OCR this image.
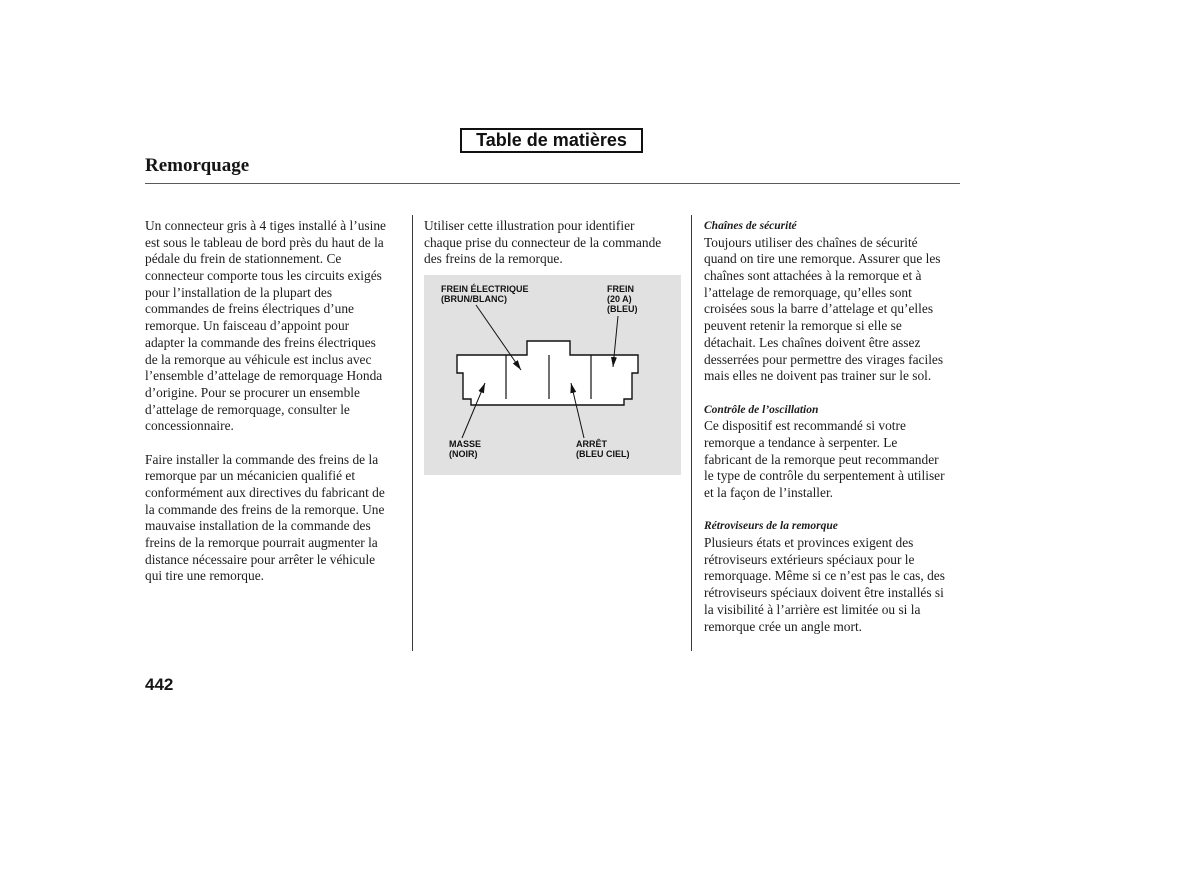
Table de matières
Remorquage
Un connecteur gris à 4 tiges installé à l’usine
est sous le tableau de bord près du haut de la
pédale du frein de stationnement. Ce
connecteur comporte tous les circuits exigés
pour l’installation de la plupart des
commandes de freins électriques d’une
remorque. Un faisceau d’appoint pour
adapter la commande des freins électriques
de la remorque au véhicule est inclus avec
l’ensemble d’attelage de remorquage Honda
d’origine. Pour se procurer un ensemble
d’attelage de remorquage, consulter le
concessionnaire.
Faire installer la commande des freins de la
remorque par un mécanicien qualifié et
conformément aux directives du fabricant de
la commande des freins de la remorque. Une
mauvaise installation de la commande des
freins de la remorque pourrait augmenter la
distance nécessaire pour arrêter le véhicule
qui tire une remorque.
Utiliser cette illustration pour identifier
chaque prise du connecteur de la commande
des freins de la remorque.
FREIN ÉLECTRIQUE
(BRUN/BLANC)
FREIN
(20 A)
(BLEU)
MASSE
(NOIR)
ARRÊT
(BLEU CIEL)
Chaînes de sécurité
Toujours utiliser des chaînes de sécurité
quand on tire une remorque. Assurer que les
chaînes sont attachées à la remorque et à
l’attelage de remorquage, qu’elles sont
croisées sous la barre d’attelage et qu’elles
peuvent retenir la remorque si elle se
détachait. Les chaînes doivent être assez
desserrées pour permettre des virages faciles
mais elles ne doivent pas trainer sur le sol.
Contrôle de l’oscillation
Ce dispositif est recommandé si votre
remorque a tendance à serpenter. Le
fabricant de la remorque peut recommander
le type de contrôle du serpentement à utiliser
et la façon de l’installer.
Rétroviseurs de la remorque
Plusieurs états et provinces exigent des
rétroviseurs extérieurs spéciaux pour le
remorquage. Même si ce n’est pas le cas, des
rétroviseurs spéciaux doivent être installés si
la visibilité à l’arrière est limitée ou si la
remorque crée un angle mort.
442
